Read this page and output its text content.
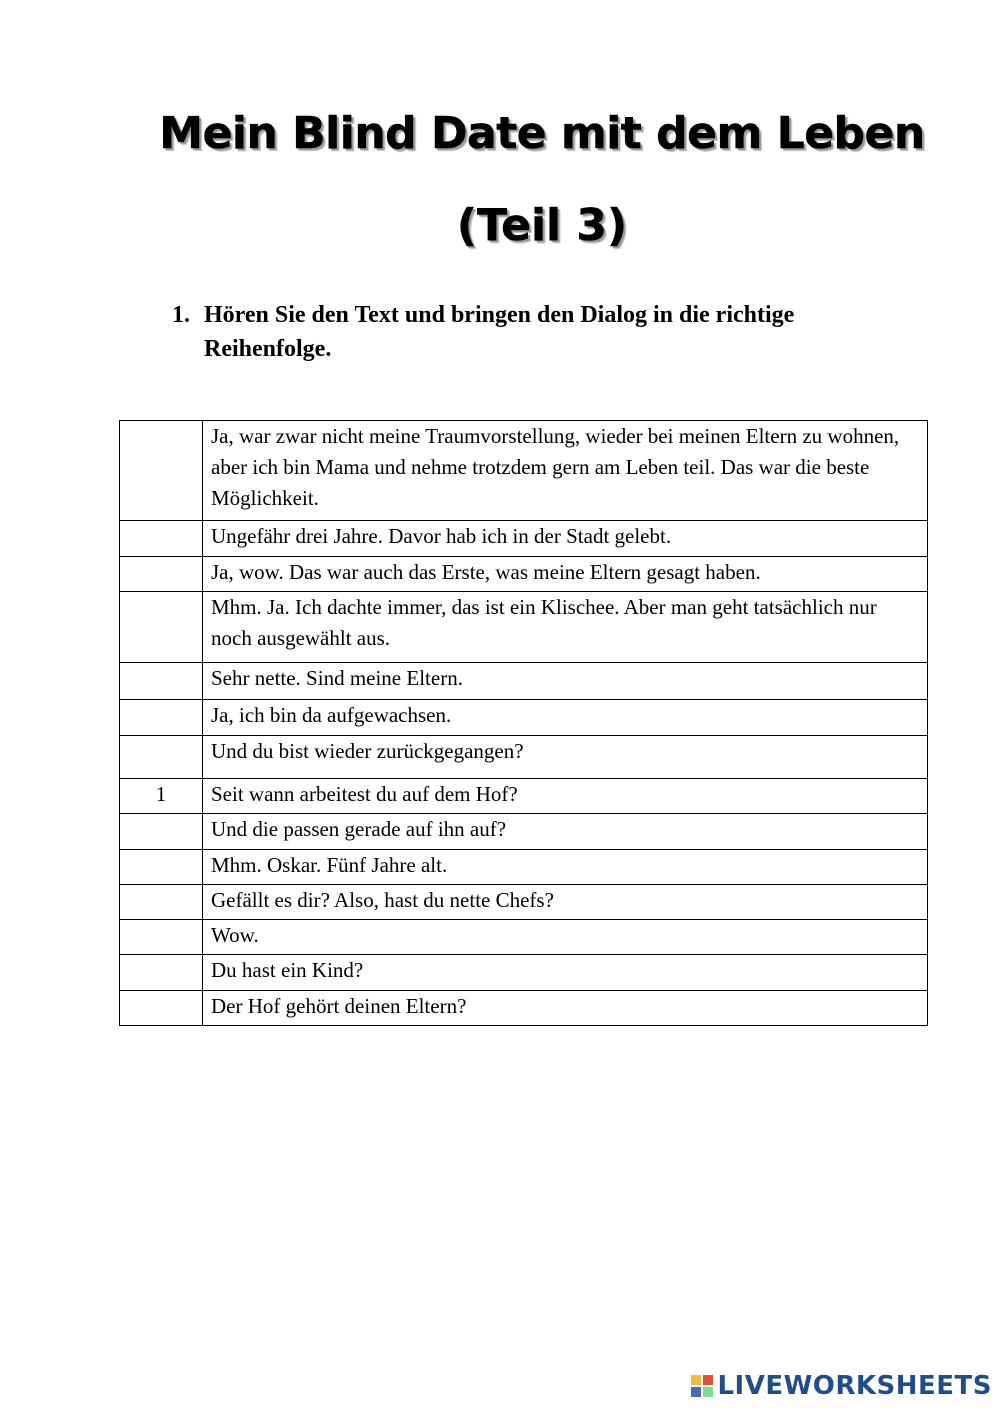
Mein Blind Date mit dem Leben
(Teil 3)
1. Hören Sie den Text und bringen den Dialog in die richtige Reihenfolge.
	Ja, war zwar nicht meine Traumvorstellung, wieder bei meinen Eltern zu wohnen, aber ich bin Mama und nehme trotzdem gern am Leben teil. Das war die beste Möglichkeit.
	Ungefähr drei Jahre. Davor hab ich in der Stadt gelebt.
	Ja, wow. Das war auch das Erste, was meine Eltern gesagt haben.
	Mhm. Ja. Ich dachte immer, das ist ein Klischee. Aber man geht tatsächlich nur noch ausgewählt aus.
	Sehr nette. Sind meine Eltern.
	Ja, ich bin da aufgewachsen.
	Und du bist wieder zurückgegangen?
1	Seit wann arbeitest du auf dem Hof?
	Und die passen gerade auf ihn auf?
	Mhm. Oskar. Fünf Jahre alt.
	Gefällt es dir? Also, hast du nette Chefs?
	Wow.
	Du hast ein Kind?
	Der Hof gehört deinen Eltern?
LIVEWORKSHEETS
